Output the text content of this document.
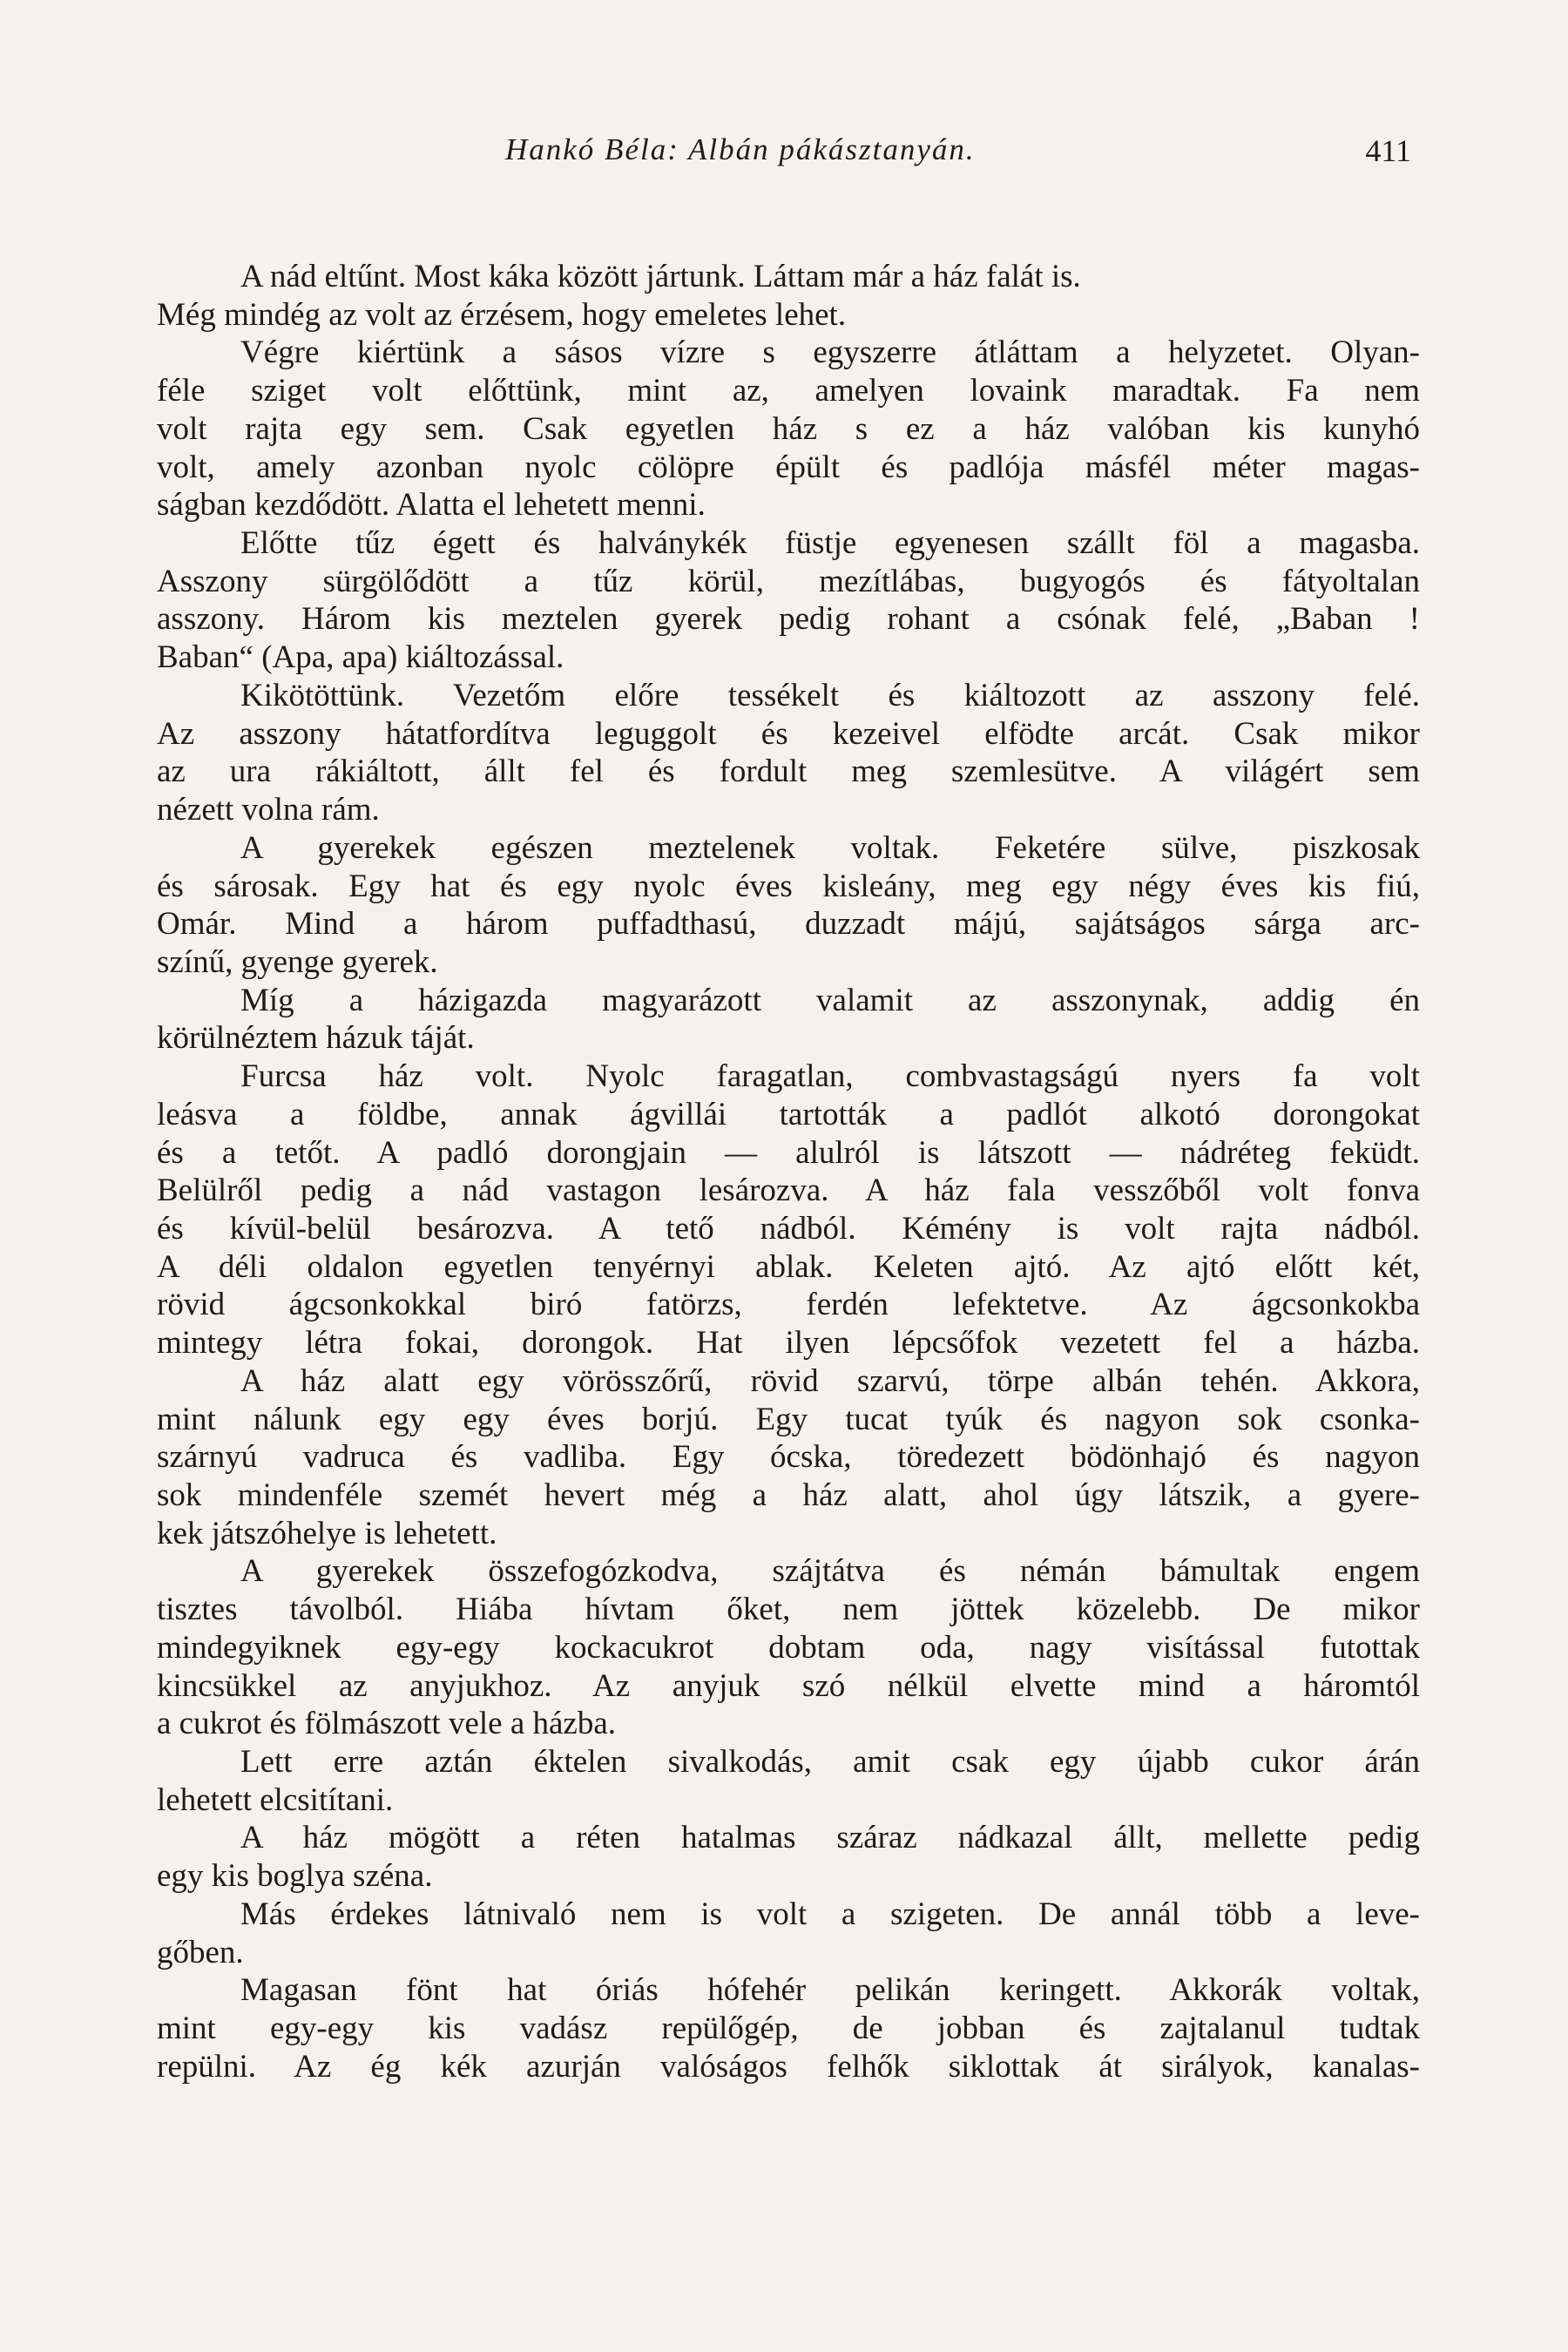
Hankó Béla: Albán pákásztanyán.	411
A nád eltűnt. Most káka között jártunk. Láttam már a ház falát is.
Még mindég az volt az érzésem, hogy emeletes lehet.
Végre kiértünk a sásos vízre s egyszerre átláttam a helyzetet. Olyan-
féle sziget volt előttünk, mint az, amelyen lovaink maradtak. Fa nem
volt rajta egy sem. Csak egyetlen ház s ez a ház valóban kis kunyhó
volt, amely azonban nyolc cölöpre épült és padlója másfél méter magas-
ságban kezdődött. Alatta el lehetett menni.
Előtte tűz égett és halványkék füstje egyenesen szállt föl a magasba.
Asszony sürgölődött a tűz körül, mezítlábas, bugyogós és fátyoltalan
asszony. Három kis meztelen gyerek pedig rohant a csónak felé, „Baban !
Baban“ (Apa, apa) kiáltozással.
Kikötöttünk. Vezetőm előre tessékelt és kiáltozott az asszony felé.
Az asszony hátatfordítva leguggolt és kezeivel elfödte arcát. Csak mikor
az ura rákiáltott, állt fel és fordult meg szemlesütve. A világért sem
nézett volna rám.
A gyerekek egészen meztelenek voltak. Feketére sülve, piszkosak
és sárosak. Egy hat és egy nyolc éves kisleány, meg egy négy éves kis fiú,
Omár. Mind a három puffadthasú, duzzadt májú, sajátságos sárga arc-
színű, gyenge gyerek.
Míg a házigazda magyarázott valamit az asszonynak, addig én
körülnéztem házuk táját.
Furcsa ház volt. Nyolc faragatlan, combvastagságú nyers fa volt
leásva a földbe, annak ágvillái tartották a padlót alkotó dorongokat
és a tetőt. A padló dorongjain — alulról is látszott — nádréteg feküdt.
Belülről pedig a nád vastagon lesározva. A ház fala vesszőből volt fonva
és kívül-belül besározva. A tető nádból. Kémény is volt rajta nádból.
A déli oldalon egyetlen tenyérnyi ablak. Keleten ajtó. Az ajtó előtt két,
rövid ágcsonkokkal biró fatörzs, ferdén lefektetve. Az ágcsonkokba
mintegy létra fokai, dorongok. Hat ilyen lépcsőfok vezetett fel a házba.
A ház alatt egy vörösszőrű, rövid szarvú, törpe albán tehén. Akkora,
mint nálunk egy egy éves borjú. Egy tucat tyúk és nagyon sok csonka-
szárnyú vadruca és vadliba. Egy ócska, töredezett bödönhajó és nagyon
sok mindenféle szemét hevert még a ház alatt, ahol úgy látszik, a gyere-
kek játszóhelye is lehetett.
A gyerekek összefogózkodva, szájtátva és némán bámultak engem
tisztes távolból. Hiába hívtam őket, nem jöttek közelebb. De mikor
mindegyiknek egy-egy kockacukrot dobtam oda, nagy visítással futottak
kincsükkel az anyjukhoz. Az anyjuk szó nélkül elvette mind a háromtól
a cukrot és fölmászott vele a házba.
Lett erre aztán éktelen sivalkodás, amit csak egy újabb cukor árán
lehetett elcsitítani.
A ház mögött a réten hatalmas száraz nádkazal állt, mellette pedig
egy kis boglya széna.
Más érdekes látnivaló nem is volt a szigeten. De annál több a leve-
gőben.
Magasan fönt hat óriás hófehér pelikán keringett. Akkorák voltak,
mint egy-egy kis vadász repülőgép, de jobban és zajtalanul tudtak
repülni. Az ég kék azurján valóságos felhők siklottak át sirályok, kanalas-
